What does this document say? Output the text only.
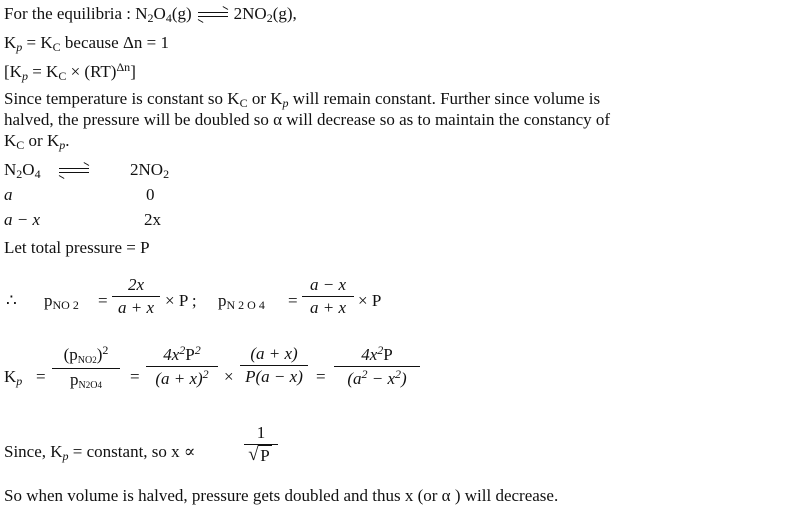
For the equilibria : $N_2O_4(g)$ $2NO_2(g)$,
$K_p = K_C$ because Δn = 1
$[K_p = K_C \times (RT)^{\Delta n}]$
Since temperature is constant so $K_C$ or $K_p$ will remain constant. Further since volume is
halved, the pressure will be doubled so α will decrease so as to maintain the constancy of
$K_C$ or $K_p$.
$N_2O_4$	$2NO_2$
a	0
a − x	2x
Let total pressure = P
∴ $p_{NO 2}$ =
2x
a + x × P ; $p_{N 2 O 4}$ =
a − x
a + x × P
$K_p$ =
$(p_{NO2})^2$
$p_{N2O4}$	=
$4x^2P^2$
$(a + x)^2$ ×
(a + x)
P(a − x) =
$4x^2P$
$(a^2 - x^2)$
Since, $K_p$ = constant, so x ∝
1
√ P
So when volume is halved, pressure gets doubled and thus x (or α ) will decrease.
